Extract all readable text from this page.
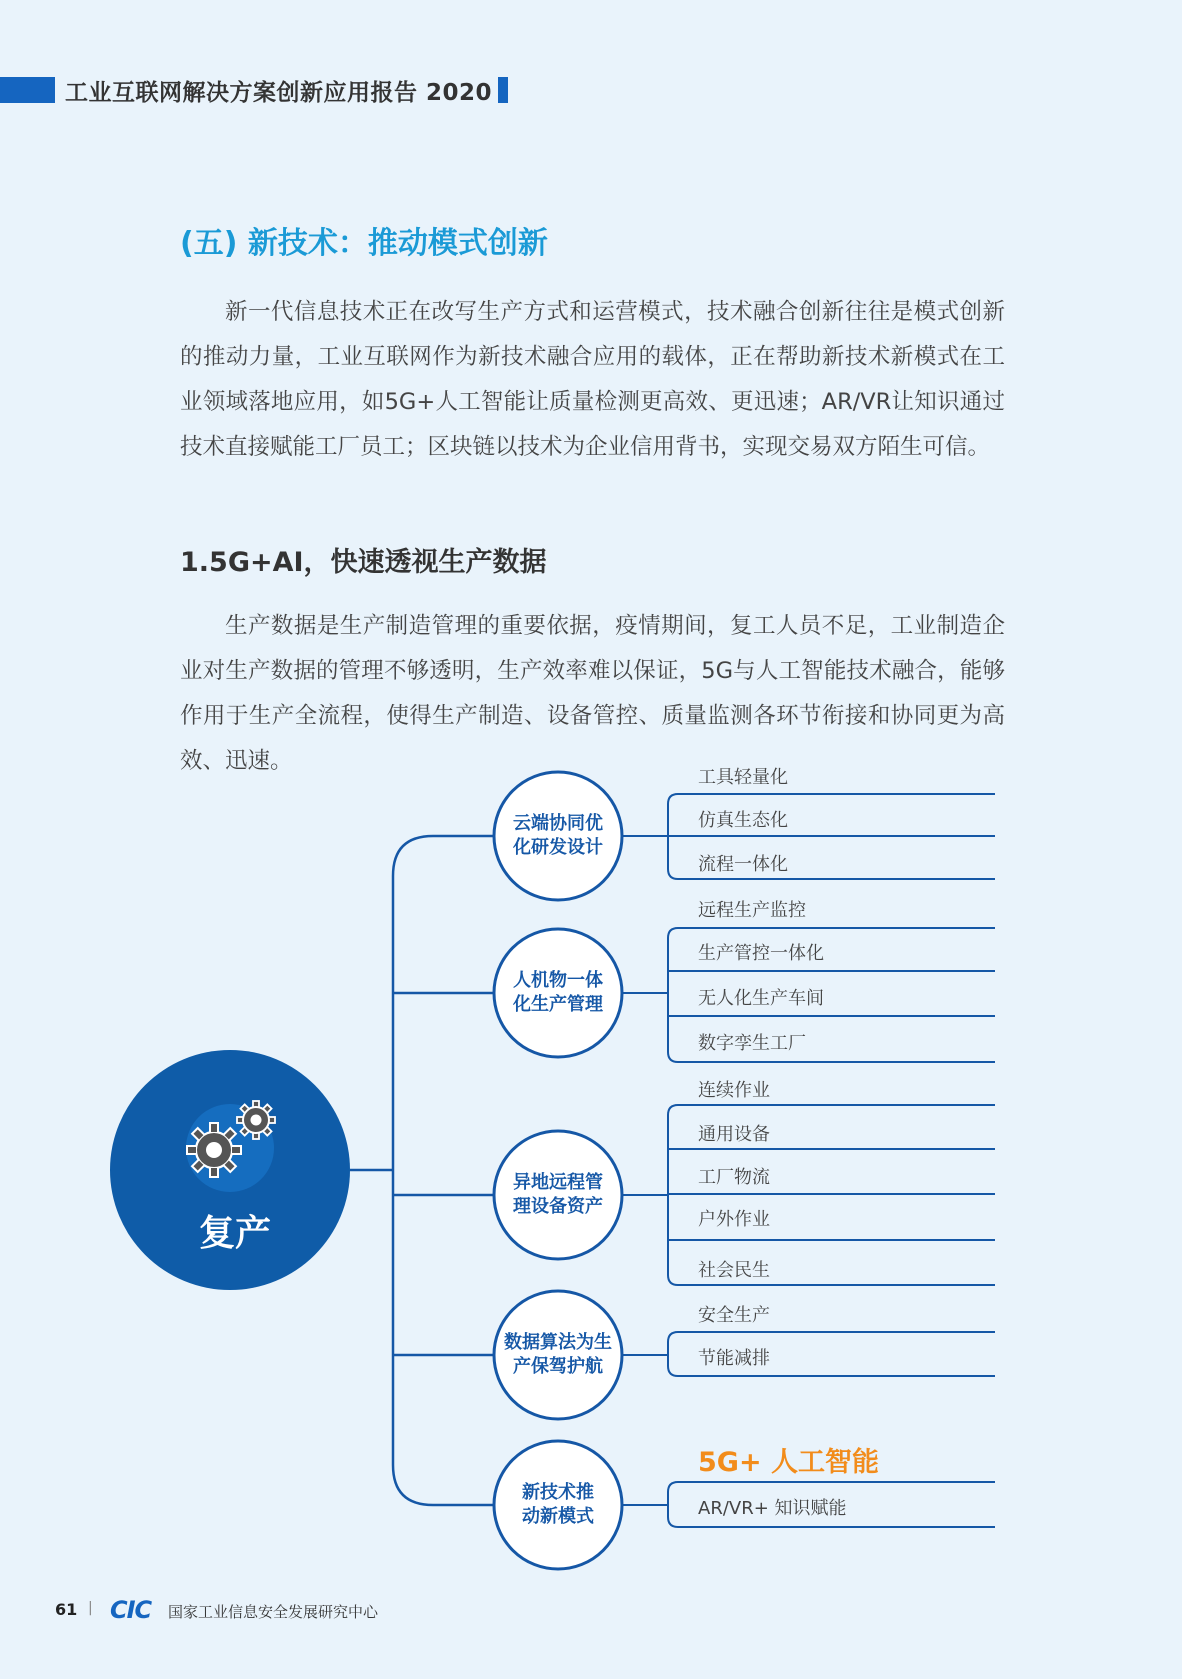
工业互联网解决方案创新应用报告 2020
(五) 新技术：推动模式创新

新一代信息技术正在改写生产方式和运营模式，技术融合创新往往是模式创新的推动力量，工业互联网作为新技术融合应用的载体，正在帮助新技术新模式在工业领域落地应用，如5G+人工智能让质量检测更高效、更迅速；AR/VR让知识通过技术直接赋能工厂员工；区块链以技术为企业信用背书，实现交易双方陌生可信。

1.5G+AI，快速透视生产数据

生产数据是生产制造管理的重要依据，疫情期间，复工人员不足，工业制造企业对生产数据的管理不够透明，生产效率难以保证，5G与人工智能技术融合，能够作用于生产全流程，使得生产制造、设备管控、质量监测各环节衔接和协同更为高效、迅速。

复产
云端协同优
化研发设计
人机物一体
化生产管理
异地远程管
理设备资产
数据算法为生
产保驾护航
新技术推
动新模式
工具轻量化
仿真生态化
流程一体化
远程生产监控
生产管控一体化
无人化生产车间
数字孪生工厂
连续作业
通用设备
工厂物流
户外作业
社会民生
安全生产
节能减排
5G+ 人工智能
AR/VR+ 知识赋能
61 | CIC 国家工业信息安全发展研究中心
